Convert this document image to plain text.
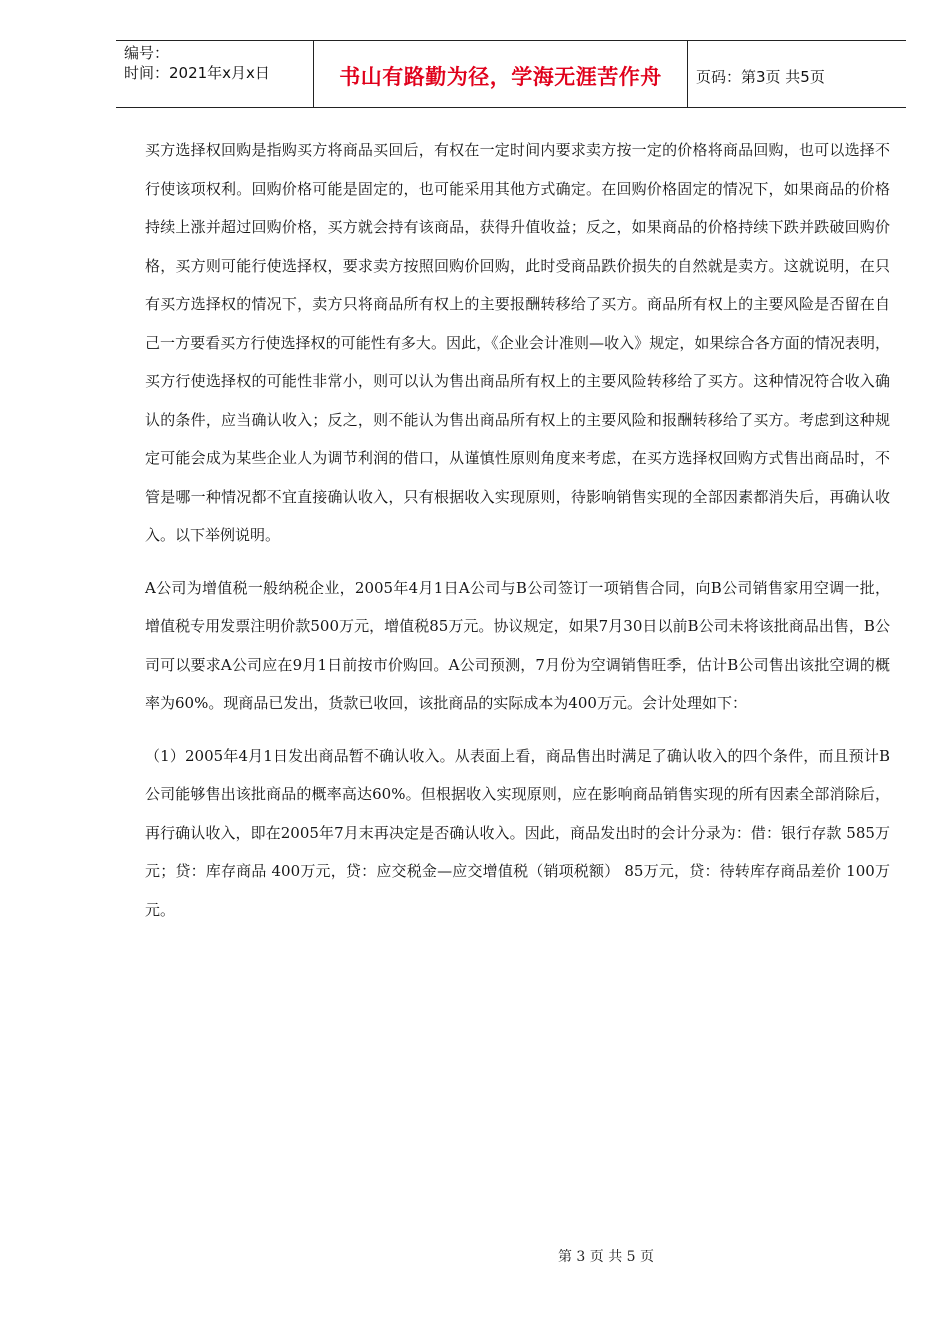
编号：
时间：2021年x月x日	书山有路勤为径，学海无涯苦作舟	页码：第3页 共5页

买方选择权回购是指购买方将商品买回后，有权在一定时间内要求卖方按一定的价格将商品回购，也可以选择不行使该项权利。回购价格可能是固定的，也可能采用其他方式确定。在回购价格固定的情况下，如果商品的价格持续上涨并超过回购价格，买方就会持有该商品，获得升值收益；反之，如果商品的价格持续下跌并跌破回购价格，买方则可能行使选择权，要求卖方按照回购价回购，此时受商品跌价损失的自然就是卖方。这就说明，在只有买方选择权的情况下，卖方只将商品所有权上的主要报酬转移给了买方。商品所有权上的主要风险是否留在自己一方要看买方行使选择权的可能性有多大。因此，《企业会计准则—收入》规定，如果综合各方面的情况表明，买方行使选择权的可能性非常小，则可以认为售出商品所有权上的主要风险转移给了买方。这种情况符合收入确认的条件，应当确认收入；反之，则不能认为售出商品所有权上的主要风险和报酬转移给了买方。考虑到这种规定可能会成为某些企业人为调节利润的借口，从谨慎性原则角度来考虑，在买方选择权回购方式售出商品时，不管是哪一种情况都不宜直接确认收入，只有根据收入实现原则，待影响销售实现的全部因素都消失后，再确认收入。以下举例说明。

A公司为增值税一般纳税企业，2005年4月1日A公司与B公司签订一项销售合同，向B公司销售家用空调一批，增值税专用发票注明价款500万元，增值税85万元。协议规定，如果7月30日以前B公司未将该批商品出售，B公司可以要求A公司应在9月1日前按市价购回。A公司预测，7月份为空调销售旺季，估计B公司售出该批空调的概率为60%。现商品已发出，货款已收回，该批商品的实际成本为400万元。会计处理如下：

（1）2005年4月1日发出商品暂不确认收入。从表面上看，商品售出时满足了确认收入的四个条件，而且预计B公司能够售出该批商品的概率高达60%。但根据收入实现原则，应在影响商品销售实现的所有因素全部消除后，再行确认收入，即在2005年7月末再决定是否确认收入。因此，商品发出时的会计分录为：借：银行存款 585万元；贷：库存商品 400万元，贷：应交税金—应交增值税（销项税额） 85万元，贷：待转库存商品差价 100万元。

第 3 页 共 5 页
